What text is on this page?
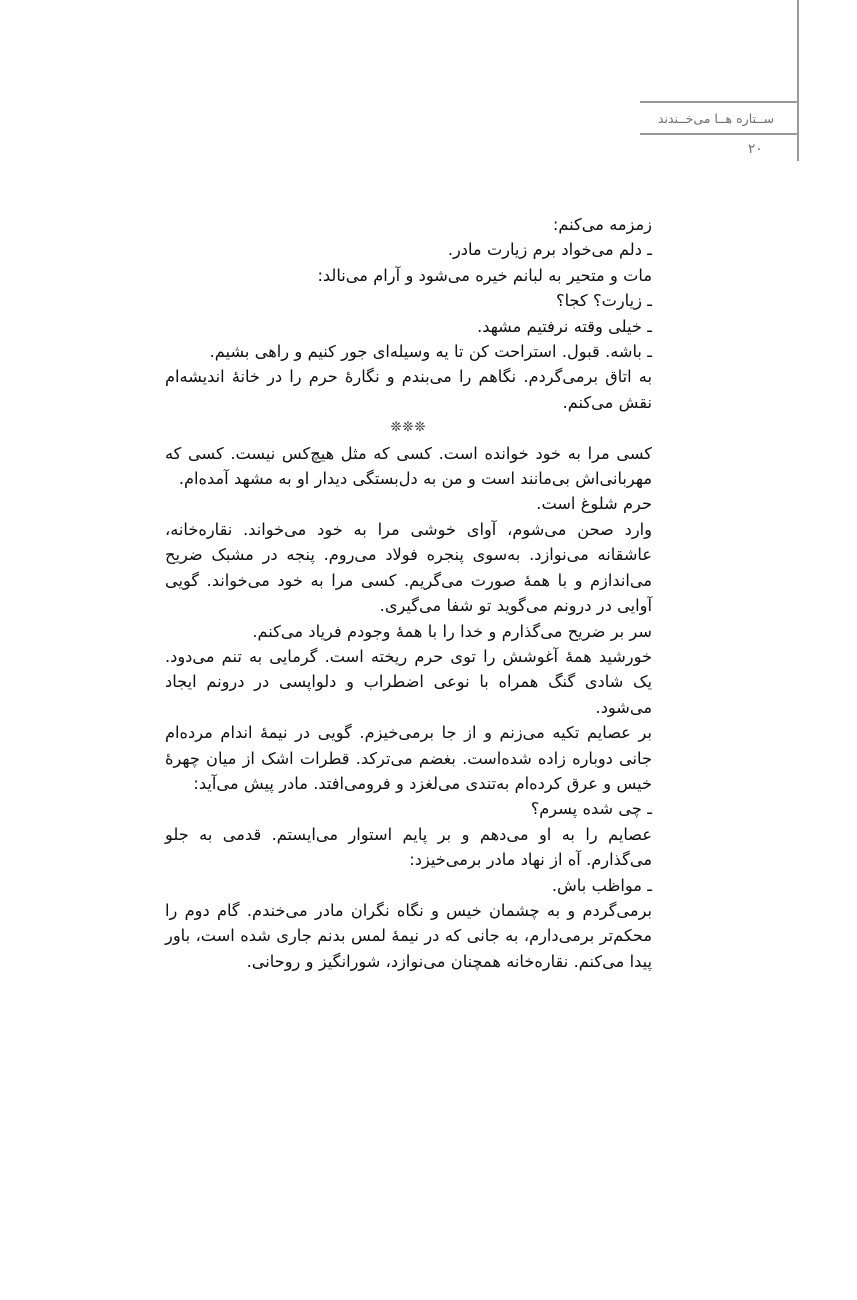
ســتاره هــا می‌خــندند
۲۰

زمزمه می‌کنم:

ـ دلم می‌خواد برم زیارت مادر.

مات و متحیر به لبانم خیره می‌شود و آرام می‌نالد:

ـ زیارت؟ کجا؟

ـ خیلی وقته نرفتیم مشهد.

ـ باشه. قبول. استراحت کن تا یه وسیله‌ای جور کنیم و راهی بشیم.

به اتاق برمی‌گردم. نگاهم را می‌بندم و نگارهٔ حرم را در خانهٔ اندیشه‌ام نقش می‌کنم.

❊❊❊

کسی مرا به خود خوانده است. کسی که مثل هیچ‌کس نیست. کسی که مهربانی‌اش بی‌مانند است و من به دل‌بستگی دیدار او به مشهد آمده‌ام.

حرم شلوغ است.

وارد صحن می‌شوم، آوای خوشی مرا به خود می‌خواند. نقاره‌خانه، عاشقانه می‌نوازد. به‌سوی پنجره فولاد می‌روم. پنجه در مشبک ضریح می‌اندازم و با همهٔ صورت می‌گریم. کسی مرا به خود می‌خواند. گویی آوایی در درونم می‌گوید تو شفا می‌گیری.

سر بر ضریح می‌گذارم و خدا را با همهٔ وجودم فریاد می‌کنم.

خورشید همهٔ آغوشش را توی حرم ریخته است. گرمایی به تنم می‌دود. یک شادی گنگ همراه با نوعی اضطراب و دلواپسی در درونم ایجاد می‌شود.

بر عصایم تکیه می‌زنم و از جا برمی‌خیزم. گویی در نیمهٔ اندام مرده‌ام جانی دوباره زاده شده‌است. بغضم می‌ترکد. قطرات اشک از میان چهرهٔ خیس و عرق کرده‌ام به‌تندی می‌لغزد و فرومی‌افتد. مادر پیش می‌آید:

ـ چی شده پسرم؟

عصایم را به او می‌دهم و بر پایم استوار می‌ایستم. قدمی به جلو می‌گذارم. آه از نهاد مادر برمی‌خیزد:

ـ مواظب باش.

برمی‌گردم و به چشمان خیس و نگاه نگران مادر می‌خندم. گام دوم را محکم‌تر برمی‌دارم، به جانی که در نیمهٔ لمس بدنم جاری شده است، باور پیدا می‌کنم. نقاره‌خانه همچنان می‌نوازد، شورانگیز و روحانی.
